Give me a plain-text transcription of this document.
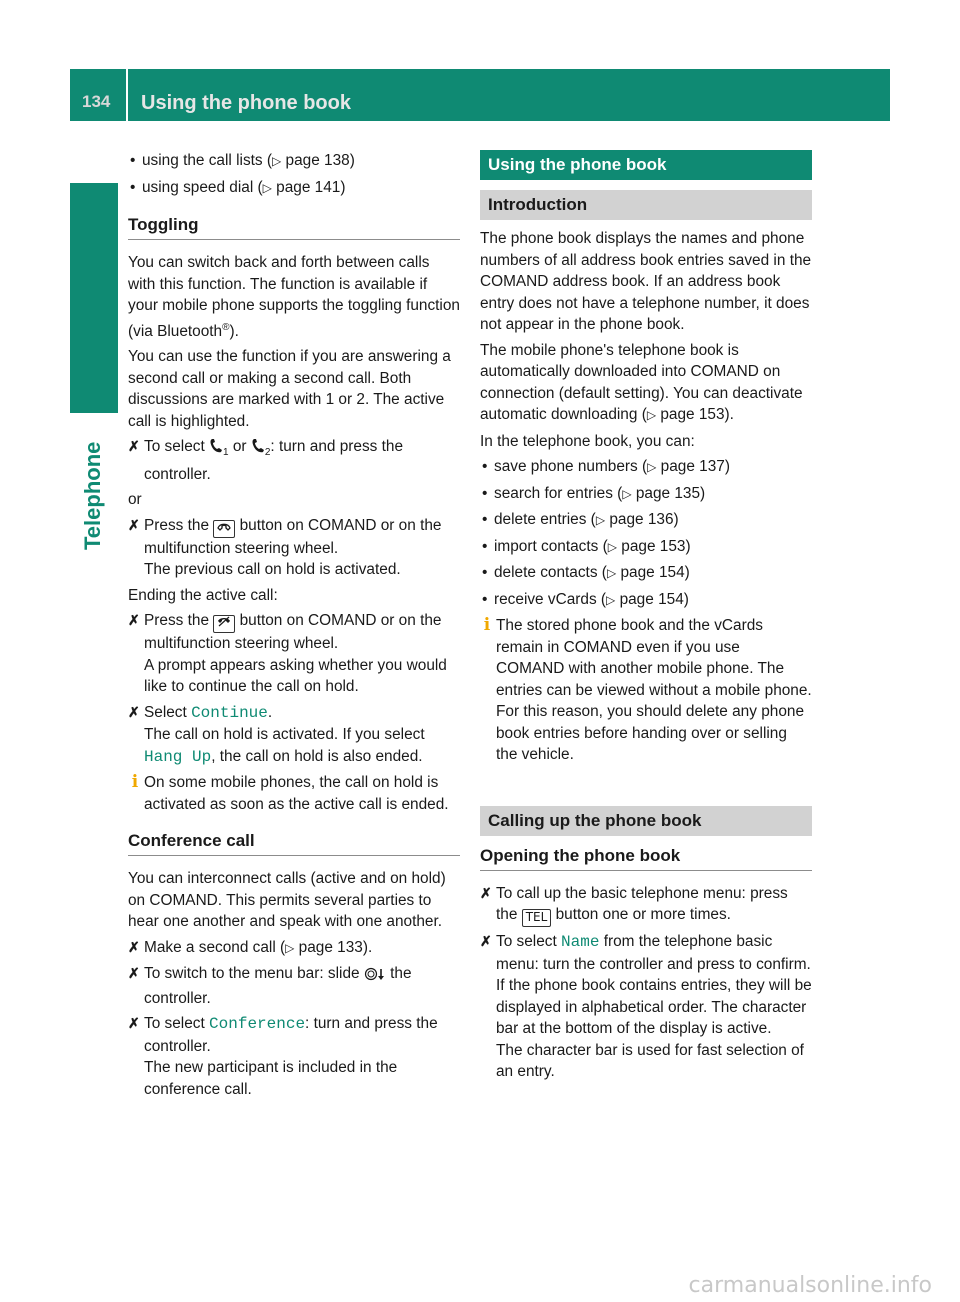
134 Using the phone book
Telephone
• using the call lists (▷ page 138)
• using speed dial (▷ page 141)
Toggling

You can switch back and forth between calls with this function. The function is available if your mobile phone supports the toggling function (via Bluetooth®).

You can use the function if you are answering a second call or making a second call. Both discussions are marked with 1 or 2. The active call is highlighted.

✗ To select $_1$ or $_2$: turn and press the controller.

or

✗ Press the button on COMAND or on the multifunction steering wheel.
The previous call on hold is activated.

Ending the active call:

✗ Press the button on COMAND or on the multifunction steering wheel.
A prompt appears asking whether you would like to continue the call on hold.
✗ Select Continue.
The call on hold is activated. If you select Hang Up, the call on hold is also ended.
i On some mobile phones, the call on hold is activated as soon as the active call is ended.
Conference call

You can interconnect calls (active and on hold) on COMAND. This permits several parties to hear one another and speak with one another.

✗ Make a second call (▷ page 133).
✗ To switch to the menu bar: slide the controller.
✗ To select Conference: turn and press the controller.
The new participant is included in the conference call.
Using the phone book
Introduction

The phone book displays the names and phone numbers of all address book entries saved in the COMAND address book. If an address book entry does not have a telephone number, it does not appear in the phone book.

The mobile phone's telephone book is automatically downloaded into COMAND on connection (default setting). You can deactivate automatic downloading (▷ page 153).

In the telephone book, you can:

• save phone numbers (▷ page 137)
• search for entries (▷ page 135)
• delete entries (▷ page 136)
• import contacts (▷ page 153)
• delete contacts (▷ page 154)
• receive vCards (▷ page 154)
i The stored phone book and the vCards remain in COMAND even if you use COMAND with another mobile phone. The entries can be viewed without a mobile phone. For this reason, you should delete any phone book entries before handing over or selling the vehicle.
Calling up the phone book
Opening the phone book
✗ To call up the basic telephone menu: press the TEL button one or more times.
✗ To select Name from the telephone basic menu: turn the controller and press to confirm.
If the phone book contains entries, they will be displayed in alphabetical order. The character bar at the bottom of the display is active.
The character bar is used for fast selection of an entry.
carmanualsonline.info
